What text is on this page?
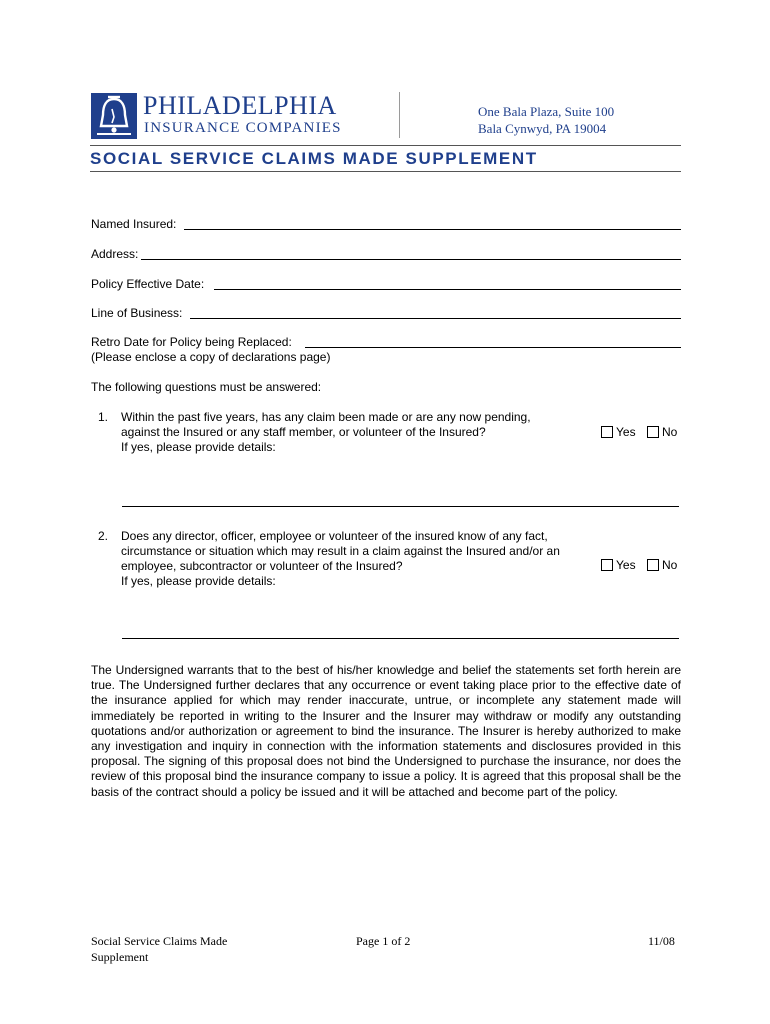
PHILADELPHIA
INSURANCE COMPANIES
One Bala Plaza, Suite 100
Bala Cynwyd, PA 19004
SOCIAL SERVICE CLAIMS MADE SUPPLEMENT
Named Insured:
Address:
Policy Effective Date:
Line of Business:
Retro Date for Policy being Replaced:
(Please enclose a copy of declarations page)
The following questions must be answered:
1. Within the past five years, has any claim been made or are any now pending,
against the Insured or any staff member, or volunteer of the Insured?
If yes, please provide details:
Yes No
2. Does any director, officer, employee or volunteer of the insured know of any fact,
circumstance or situation which may result in a claim against the Insured and/or an
employee, subcontractor or volunteer of the Insured?
If yes, please provide details:
Yes No
The Undersigned warrants that to the best of his/her knowledge and belief the statements set forth herein are true. The Undersigned further declares that any occurrence or event taking place prior to the effective date of the insurance applied for which may render inaccurate, untrue, or incomplete any statement made will immediately be reported in writing to the Insurer and the Insurer may withdraw or modify any outstanding quotations and/or authorization or agreement to bind the insurance. The Insurer is hereby authorized to make any investigation and inquiry in connection with the information statements and disclosures provided in this proposal. The signing of this proposal does not bind the Undersigned to purchase the insurance, nor does the review of this proposal bind the insurance company to issue a policy. It is agreed that this proposal shall be the basis of the contract should a policy be issued and it will be attached and become part of the policy.
Social Service Claims Made
Supplement
Page 1 of 2	11/08
